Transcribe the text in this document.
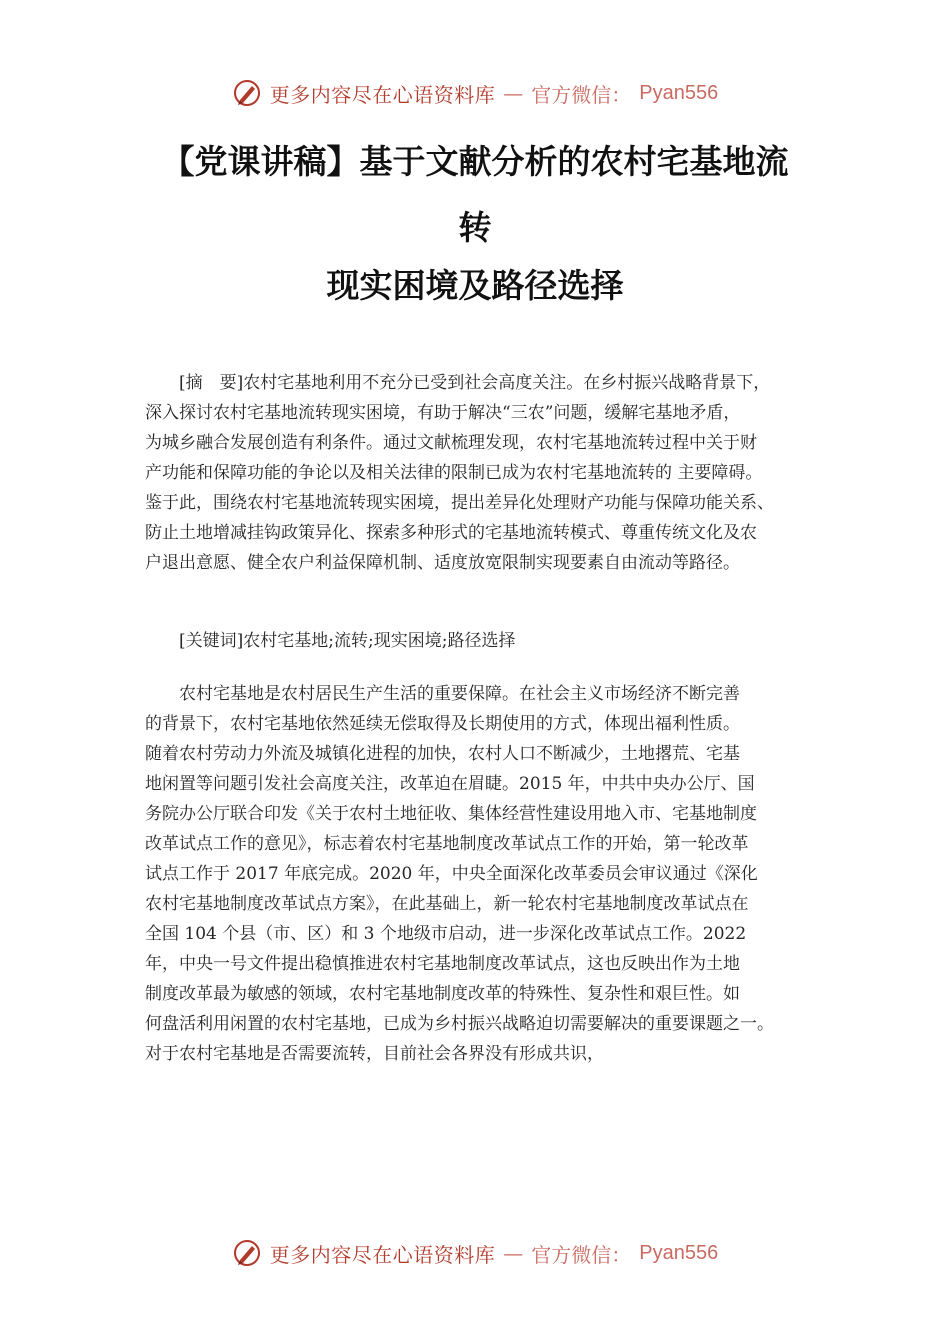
更多内容尽在心语资料库 — 官方微信： Pyan556
【党课讲稿】基于文献分析的农村宅基地流
转
现实困境及路径选择
　　[摘　要]农村宅基地利用不充分已受到社会高度关注。在乡村振兴战略背景下，
深入探讨农村宅基地流转现实困境，有助于解决“三农”问题，缓解宅基地矛盾，
为城乡融合发展创造有利条件。通过文献梳理发现，农村宅基地流转过程中关于财
产功能和保障功能的争论以及相关法律的限制已成为农村宅基地流转的 主要障碍。
鉴于此，围绕农村宅基地流转现实困境，提出差异化处理财产功能与保障功能关系、
防止土地增减挂钩政策异化、探索多种形式的宅基地流转模式、尊重传统文化及农
户退出意愿、健全农户利益保障机制、适度放宽限制实现要素自由流动等路径。
　　[关键词]农村宅基地;流转;现实困境;路径选择
　　农村宅基地是农村居民生产生活的重要保障。在社会主义市场经济不断完善
的背景下，农村宅基地依然延续无偿取得及长期使用的方式，体现出福利性质。
随着农村劳动力外流及城镇化进程的加快，农村人口不断减少，土地撂荒、宅基
地闲置等问题引发社会高度关注，改革迫在眉睫。2015 年，中共中央办公厅、国
务院办公厅联合印发《关于农村土地征收、集体经营性建设用地入市、宅基地制度
改革试点工作的意见》，标志着农村宅基地制度改革试点工作的开始，第一轮改革
试点工作于 2017 年底完成。2020 年，中央全面深化改革委员会审议通过《深化
农村宅基地制度改革试点方案》，在此基础上，新一轮农村宅基地制度改革试点在
全国 104 个县（市、区）和 3 个地级市启动，进一步深化改革试点工作。2022
年，中央一号文件提出稳慎推进农村宅基地制度改革试点，这也反映出作为土地
制度改革最为敏感的领域，农村宅基地制度改革的特殊性、复杂性和艰巨性。如
何盘活利用闲置的农村宅基地，已成为乡村振兴战略迫切需要解决的重要课题之一。
对于农村宅基地是否需要流转，目前社会各界没有形成共识，
更多内容尽在心语资料库 — 官方微信： Pyan556
